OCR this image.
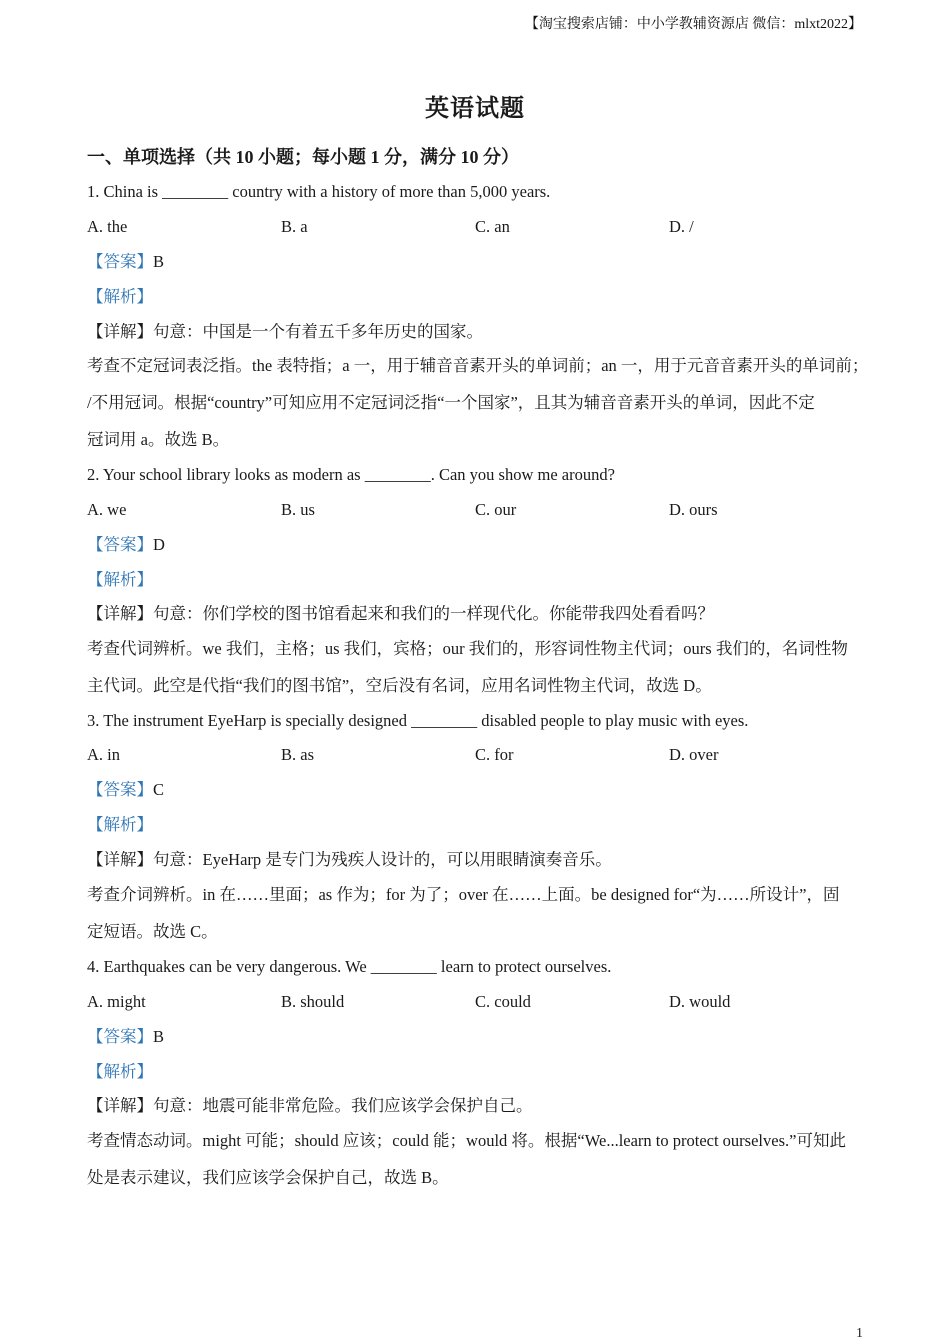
【淘宝搜索店铺：中小学教辅资源店 微信：mlxt2022】
英语试题
一、单项选择（共 10 小题；每小题 1 分，满分 10 分）
1. China is ________ country with a history of more than 5,000 years.
A. the	B. a	C. an	D. /
【答案】B
【解析】
【详解】句意：中国是一个有着五千多年历史的国家。
考查不定冠词表泛指。the 表特指；a 一，用于辅音音素开头的单词前；an 一，用于元音音素开头的单词前；
/不用冠词。根据“country”可知应用不定冠词泛指“一个国家”，且其为辅音音素开头的单词，因此不定
冠词用 a。故选 B。
2. Your school library looks as modern as ________. Can you show me around?
A. we	B. us	C. our	D. ours
【答案】D
【解析】
【详解】句意：你们学校的图书馆看起来和我们的一样现代化。你能带我四处看看吗？
考查代词辨析。we 我们，主格；us 我们，宾格；our 我们的，形容词性物主代词；ours 我们的，名词性物
主代词。此空是代指“我们的图书馆”，空后没有名词，应用名词性物主代词，故选 D。
3. The instrument EyeHarp is specially designed ________ disabled people to play music with eyes.
A. in	B. as	C. for	D. over
【答案】C
【解析】
【详解】句意：EyeHarp 是专门为残疾人设计的，可以用眼睛演奏音乐。
考查介词辨析。in 在……里面；as 作为；for 为了；over 在……上面。be designed for“为……所设计”，固
定短语。故选 C。
4. Earthquakes can be very dangerous. We ________ learn to protect ourselves.
A. might	B. should	C. could	D. would
【答案】B
【解析】
【详解】句意：地震可能非常危险。我们应该学会保护自己。
考查情态动词。might 可能；should 应该；could 能；would 将。根据“We...learn to protect ourselves.”可知此
处是表示建议，我们应该学会保护自己，故选 B。
1
